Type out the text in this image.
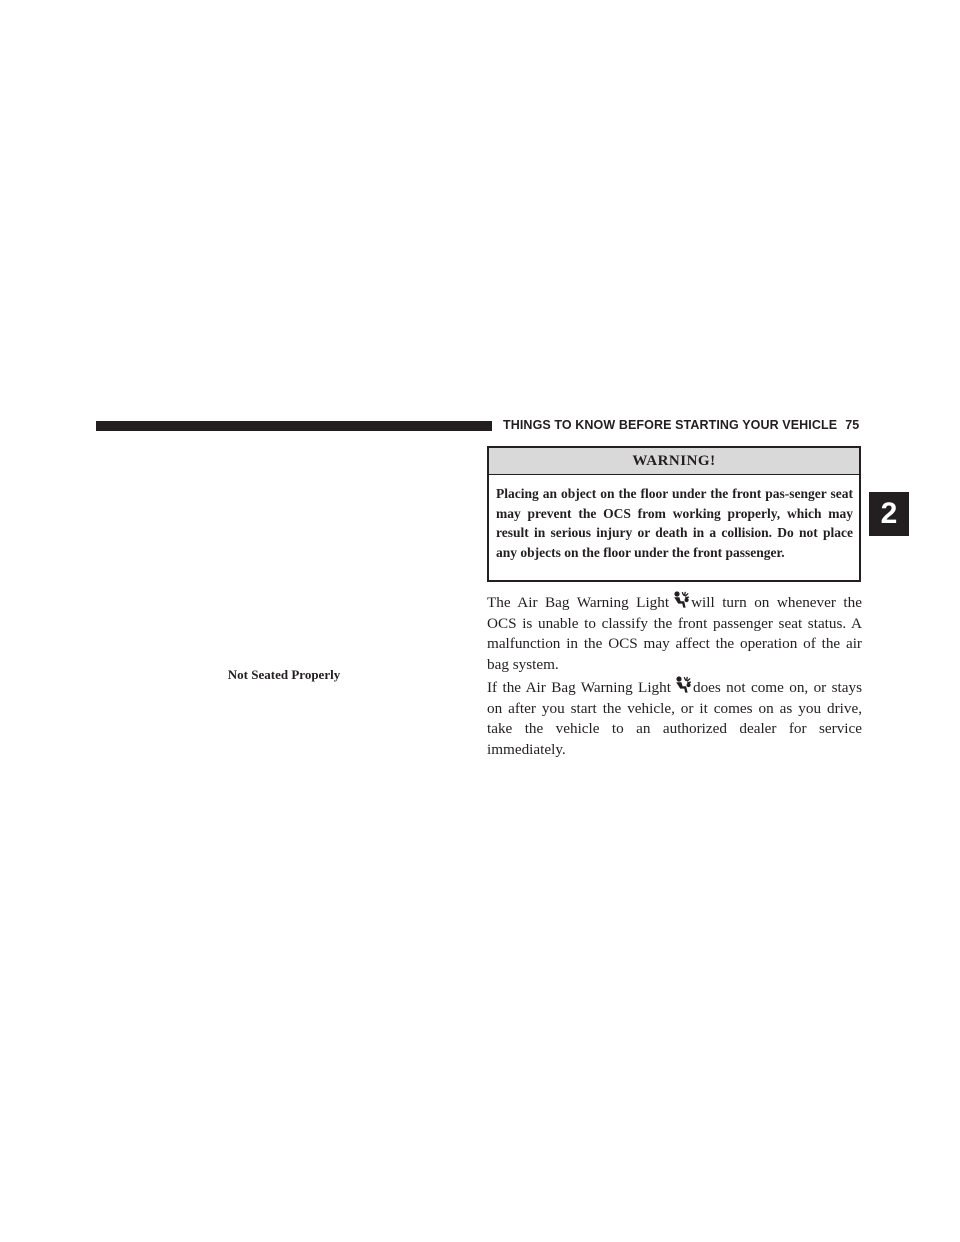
THINGS TO KNOW BEFORE STARTING YOUR VEHICLE 75
2
Not Seated Properly
WARNING!
Placing an object on the floor under the front pas-senger seat may prevent the OCS from working properly, which may result in serious injury or death in a collision. Do not place any objects on the floor under the front passenger.
The Air Bag Warning Light will turn on whenever the OCS is unable to classify the front passenger seat status. A malfunction in the OCS may affect the operation of the air bag system.
If the Air Bag Warning Light does not come on, or stays on after you start the vehicle, or it comes on as you drive, take the vehicle to an authorized dealer for service immediately.
